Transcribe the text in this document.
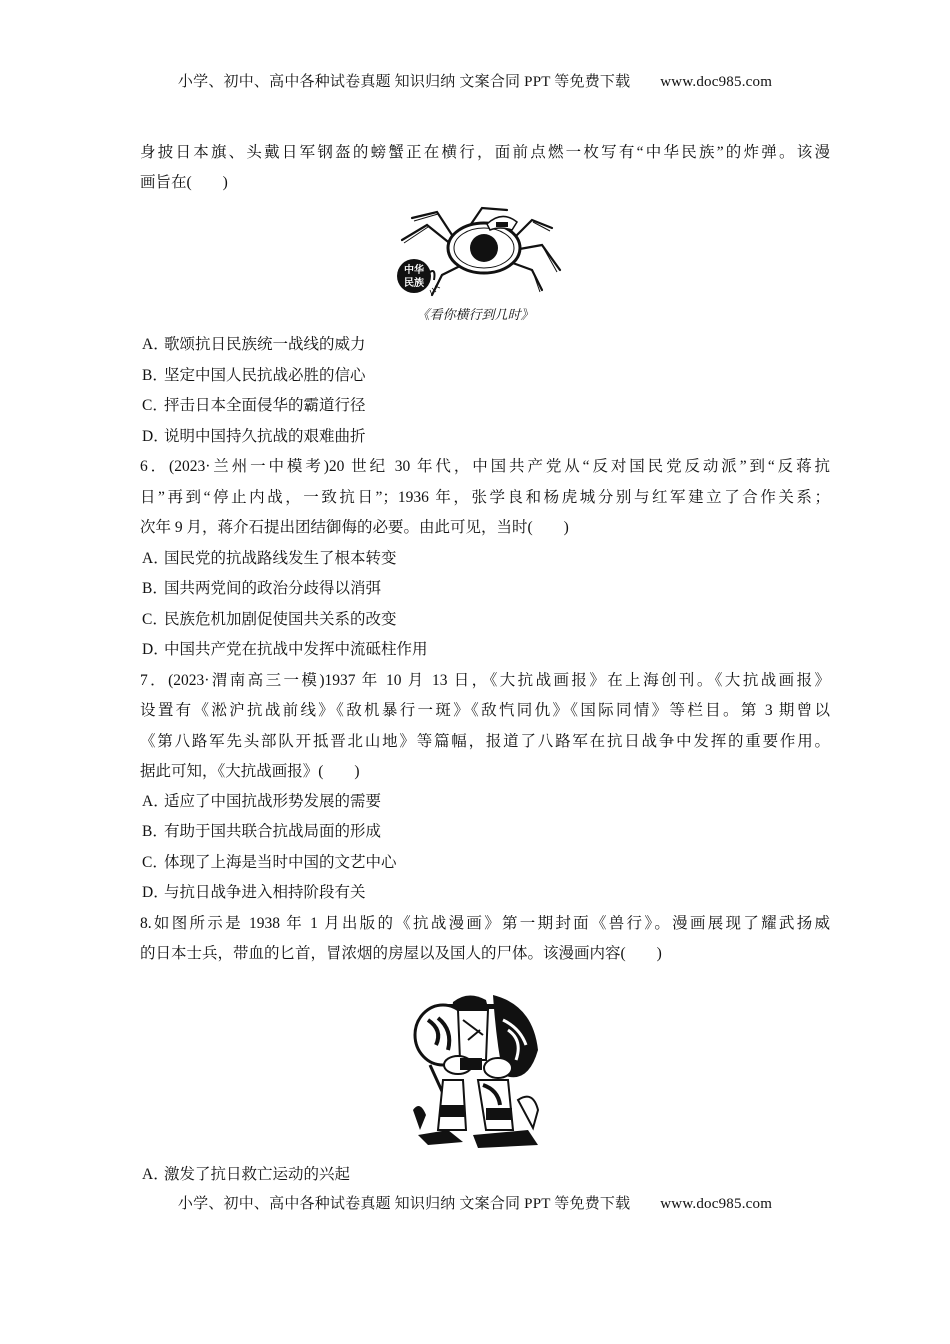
小学、初中、高中各种试卷真题 知识归纳 文案合同 PPT 等免费下载 www.doc985.com
身披日本旗、头戴日军钢盔的螃蟹正在横行，面前点燃一枚写有“中华民族”的炸弹。该漫
画旨在(　　)
中华
民族
《看你横行到几时》
A．歌颂抗日民族统一战线的威力
B．坚定中国人民抗战必胜的信心
C．抨击日本全面侵华的霸道行径
D．说明中国持久抗战的艰难曲折
6．(2023·兰州一中模考)20 世纪 30 年代，中国共产党从“反对国民党反动派”到“反蒋抗
日”再到“停止内战，一致抗日”；1936 年，张学良和杨虎城分别与红军建立了合作关系；
次年 9 月，蒋介石提出团结御侮的必要。由此可见，当时(　　)
A．国民党的抗战路线发生了根本转变
B．国共两党间的政治分歧得以消弭
C．民族危机加剧促使国共关系的改变
D．中国共产党在抗战中发挥中流砥柱作用
7．(2023·渭南高三一模)1937 年 10 月 13 日，《大抗战画报》在上海创刊。《大抗战画报》
设置有《淞沪抗战前线》《敌机暴行一斑》《敌忾同仇》《国际同情》等栏目。第 3 期曾以
《第八路军先头部队开抵晋北山地》等篇幅，报道了八路军在抗日战争中发挥的重要作用。
据此可知，《大抗战画报》(　　)
A．适应了中国抗战形势发展的需要
B．有助于国共联合抗战局面的形成
C．体现了上海是当时中国的文艺中心
D．与抗日战争进入相持阶段有关
8.如图所示是 1938 年 1 月出版的《抗战漫画》第一期封面《兽行》。漫画展现了耀武扬威
的日本士兵，带血的匕首，冒浓烟的房屋以及国人的尸体。该漫画内容(　　)
A．激发了抗日救亡运动的兴起
小学、初中、高中各种试卷真题 知识归纳 文案合同 PPT 等免费下载 www.doc985.com
